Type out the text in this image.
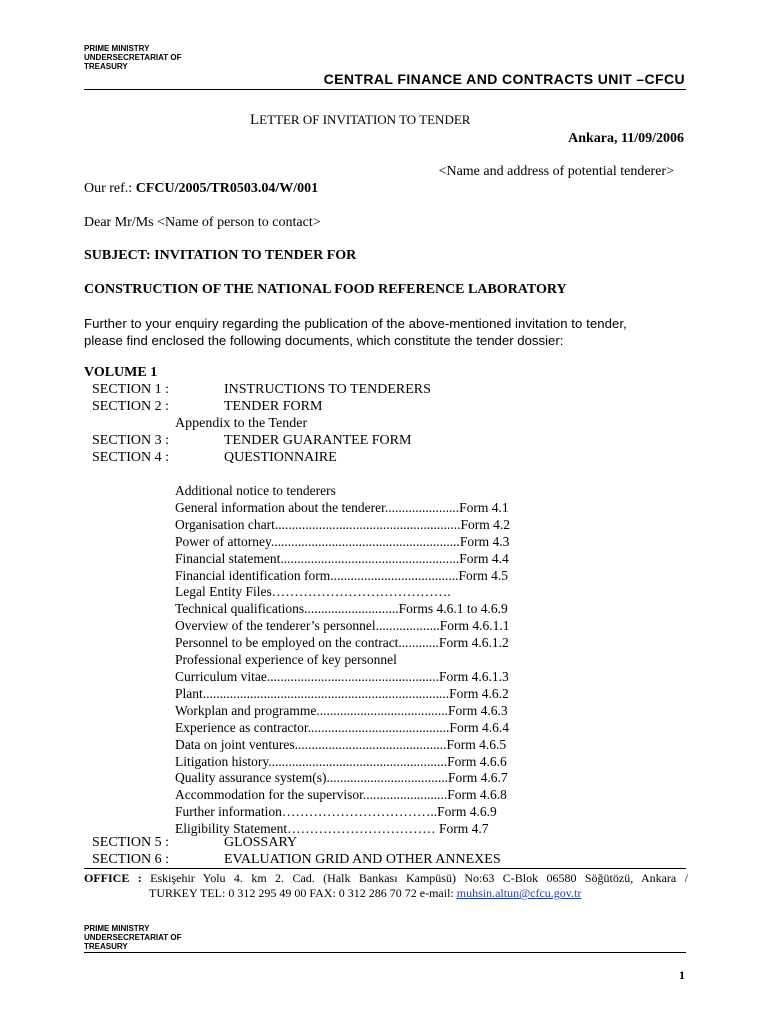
PRIME MINISTRY
UNDERSECRETARIAT OF
TREASURY
CENTRAL FINANCE AND CONTRACTS UNIT –CFCU
LETTER OF INVITATION TO TENDER
Ankara, 11/09/2006
<Name and address of potential tenderer>
Our ref.: CFCU/2005/TR0503.04/W/001
Dear Mr/Ms <Name of person to contact>
SUBJECT: INVITATION TO TENDER FOR
CONSTRUCTION OF THE NATIONAL FOOD REFERENCE LABORATORY
Further to your enquiry regarding the publication of the above-mentioned invitation to tender,
please find enclosed the following documents, which constitute the tender dossier:
VOLUME 1
SECTION 1 :	INSTRUCTIONS TO TENDERERS
SECTION 2 :	TENDER FORM
Appendix to the Tender
SECTION 3 :	TENDER GUARANTEE FORM
SECTION 4 :	QUESTIONNAIRE
SECTION 5 :	GLOSSARY
SECTION 6 :	EVALUATION GRID AND OTHER ANNEXES
Additional notice to tenderers
General information about the tenderer......................Form 4.1
Organisation chart.......................................................Form 4.2
Power of attorney........................................................Form 4.3
Financial statement.....................................................Form 4.4
Financial identification form......................................Form 4.5
Legal Entity Files………………………………….
Technical qualifications............................Forms 4.6.1 to 4.6.9
Overview of the tenderer’s personnel...................Form 4.6.1.1
Personnel to be employed on the contract............Form 4.6.1.2
Professional experience of key personnel
Curriculum vitae...................................................Form 4.6.1.3
Plant.........................................................................Form 4.6.2
Workplan and programme.......................................Form 4.6.3
Experience as contractor..........................................Form 4.6.4
Data on joint ventures.............................................Form 4.6.5
Litigation history.....................................................Form 4.6.6
Quality assurance system(s)....................................Form 4.6.7
Accommodation for the supervisor.........................Form 4.6.8
Further information……………………………..Form 4.6.9
Eligibility Statement…………………………… Form 4.7
OFFICE : Eskişehir Yolu 4. km 2. Cad. (Halk Bankası Kampüsü) No:63 C-Blok 06580 Söğütözü, Ankara /
TURKEY TEL: 0 312 295 49 00 FAX: 0 312 286 70 72 e-mail: muhsin.altun@cfcu.gov.tr
PRIME MINISTRY
UNDERSECRETARIAT OF
TREASURY
1
